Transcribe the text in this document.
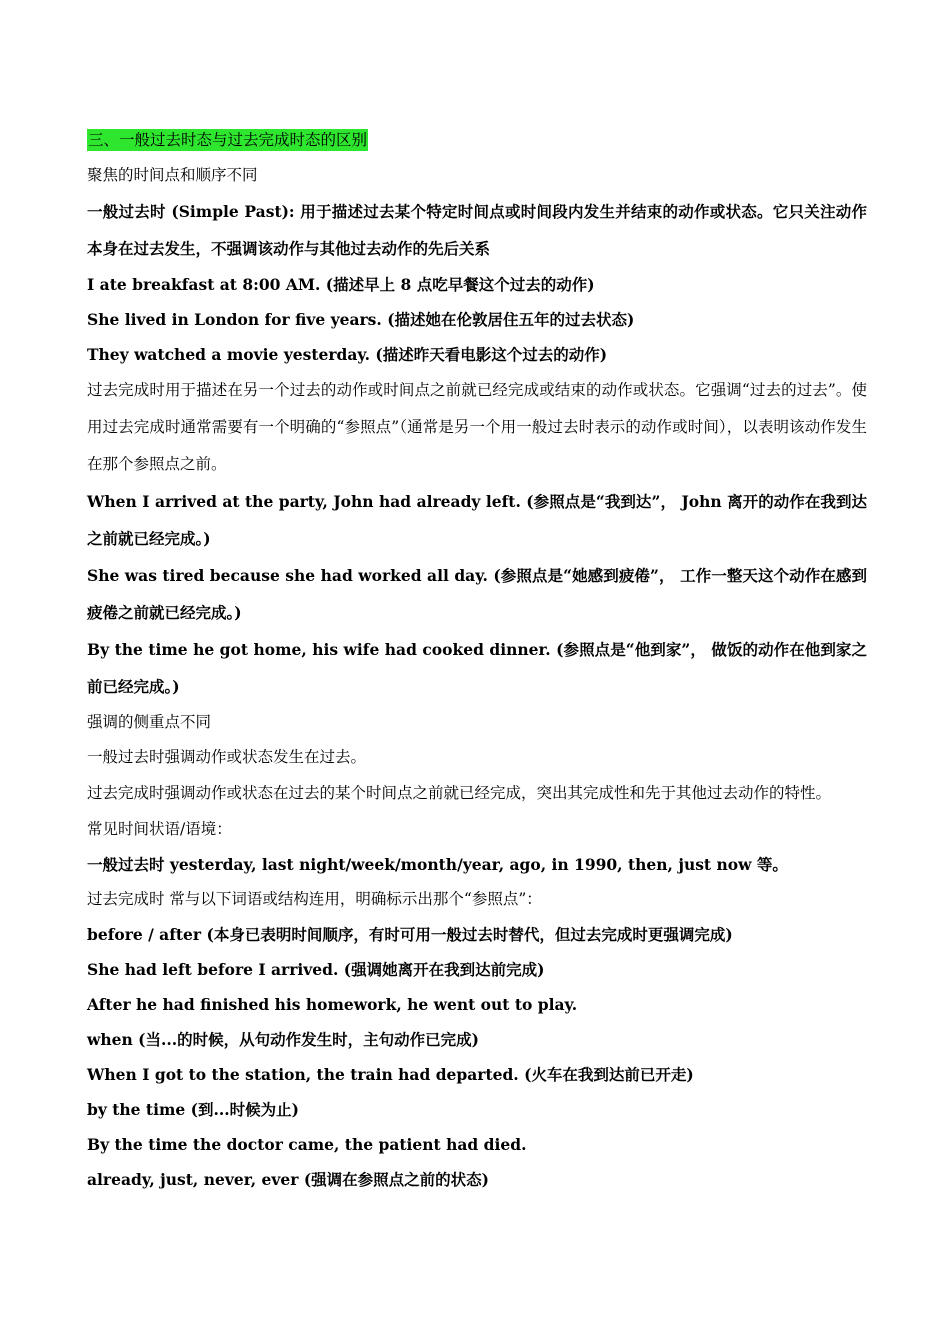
三、一般过去时态与过去完成时态的区别

聚焦的时间点和顺序不同

一般过去时 (Simple Past): 用于描述过去某个特定时间点或时间段内发生并结束的动作或状态。它只关注动作本身在过去发生，不强调该动作与其他过去动作的先后关系

I ate breakfast at 8:00 AM. (描述早上 8 点吃早餐这个过去的动作)

She lived in London for five years. (描述她在伦敦居住五年的过去状态)

They watched a movie yesterday. (描述昨天看电影这个过去的动作)

过去完成时用于描述在另一个过去的动作或时间点之前就已经完成或结束的动作或状态。它强调“过去的过去”。使用过去完成时通常需要有一个明确的“参照点”（通常是另一个用一般过去时表示的动作或时间），以表明该动作发生在那个参照点之前。

When I arrived at the party, John had already left. (参照点是“我到达”， John 离开的动作在我到达之前就已经完成。)

She was tired because she had worked all day. (参照点是“她感到疲倦”， 工作一整天这个动作在感到疲倦之前就已经完成。)

By the time he got home, his wife had cooked dinner. (参照点是“他到家”， 做饭的动作在他到家之前已经完成。)

强调的侧重点不同

一般过去时强调动作或状态发生在过去。

过去完成时强调动作或状态在过去的某个时间点之前就已经完成，突出其完成性和先于其他过去动作的特性。

常见时间状语/语境：

一般过去时 yesterday, last night/week/month/year, ago, in 1990, then, just now 等。

过去完成时 常与以下词语或结构连用，明确标示出那个“参照点”：

before / after (本身已表明时间顺序，有时可用一般过去时替代，但过去完成时更强调完成)

She had left before I arrived. (强调她离开在我到达前完成)

After he had finished his homework, he went out to play.

when (当...的时候，从句动作发生时，主句动作已完成)

When I got to the station, the train had departed. (火车在我到达前已开走)

by the time (到...时候为止)

By the time the doctor came, the patient had died.

already, just, never, ever (强调在参照点之前的状态)
